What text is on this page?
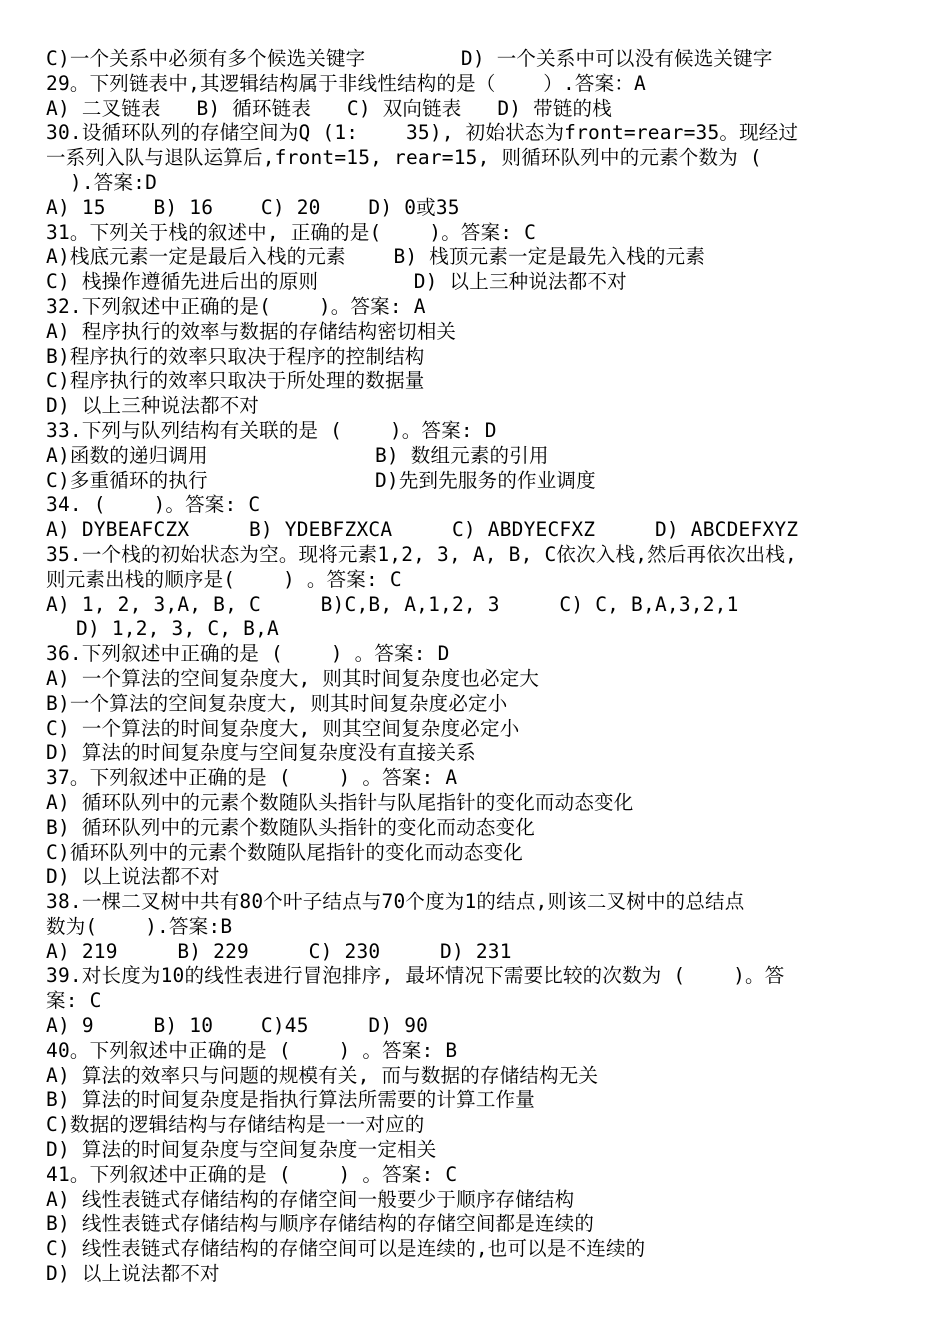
C)一个关系中必须有多个候选关键字        D) 一个关系中可以没有候选关键字
29。下列链表中,其逻辑结构属于非线性结构的是（    ）.答案：A
A) 二叉链表   B) 循环链表   C) 双向链表   D) 带链的栈
30.设循环队列的存储空间为Q (1:    35), 初始状态为front=rear=35。现经过
一系列入队与退队运算后,front=15, rear=15, 则循环队列中的元素个数为 (
).答案:D
A) 15    B) 16    C) 20    D) 0或35
31。下列关于栈的叙述中, 正确的是(    )。答案: C
A)栈底元素一定是最后入栈的元素    B) 栈顶元素一定是最先入栈的元素
C) 栈操作遵循先进后出的原则        D) 以上三种说法都不对
32.下列叙述中正确的是(    )。答案: A
A) 程序执行的效率与数据的存储结构密切相关
B)程序执行的效率只取决于程序的控制结构
C)程序执行的效率只取决于所处理的数据量
D) 以上三种说法都不对
33.下列与队列结构有关联的是 (    )。答案: D
A)函数的递归调用              B) 数组元素的引用
C)多重循环的执行              D)先到先服务的作业调度
34. (    )。答案: C
A) DYBEAFCZX     B) YDEBFZXCA     C) ABDYECFXZ     D) ABCDEFXYZ
35.一个栈的初始状态为空。现将元素1,2, 3, A, B, C依次入栈,然后再依次出栈,
则元素出栈的顺序是(    ) 。答案: C
A) 1, 2, 3,A, B, C     B)C,B, A,1,2, 3     C) C, B,A,3,2,1
D) 1,2, 3, C, B,A
36.下列叙述中正确的是 (    ) 。答案: D
A) 一个算法的空间复杂度大, 则其时间复杂度也必定大
B)一个算法的空间复杂度大, 则其时间复杂度必定小
C) 一个算法的时间复杂度大, 则其空间复杂度必定小
D) 算法的时间复杂度与空间复杂度没有直接关系
37。下列叙述中正确的是 (    ) 。答案: A
A) 循环队列中的元素个数随队头指针与队尾指针的变化而动态变化
B) 循环队列中的元素个数随队头指针的变化而动态变化
C)循环队列中的元素个数随队尾指针的变化而动态变化
D) 以上说法都不对
38.一棵二叉树中共有80个叶子结点与70个度为1的结点,则该二叉树中的总结点
数为(    ).答案:B
A) 219     B) 229     C) 230     D) 231
39.对长度为10的线性表进行冒泡排序, 最坏情况下需要比较的次数为 (    )。答
案: C
A) 9     B) 10    C)45     D) 90
40。下列叙述中正确的是 (    ) 。答案: B
A) 算法的效率只与问题的规模有关, 而与数据的存储结构无关
B) 算法的时间复杂度是指执行算法所需要的计算工作量
C)数据的逻辑结构与存储结构是一一对应的
D) 算法的时间复杂度与空间复杂度一定相关
41。下列叙述中正确的是 (    ) 。答案: C
A) 线性表链式存储结构的存储空间一般要少于顺序存储结构
B) 线性表链式存储结构与顺序存储结构的存储空间都是连续的
C) 线性表链式存储结构的存储空间可以是连续的,也可以是不连续的
D) 以上说法都不对
